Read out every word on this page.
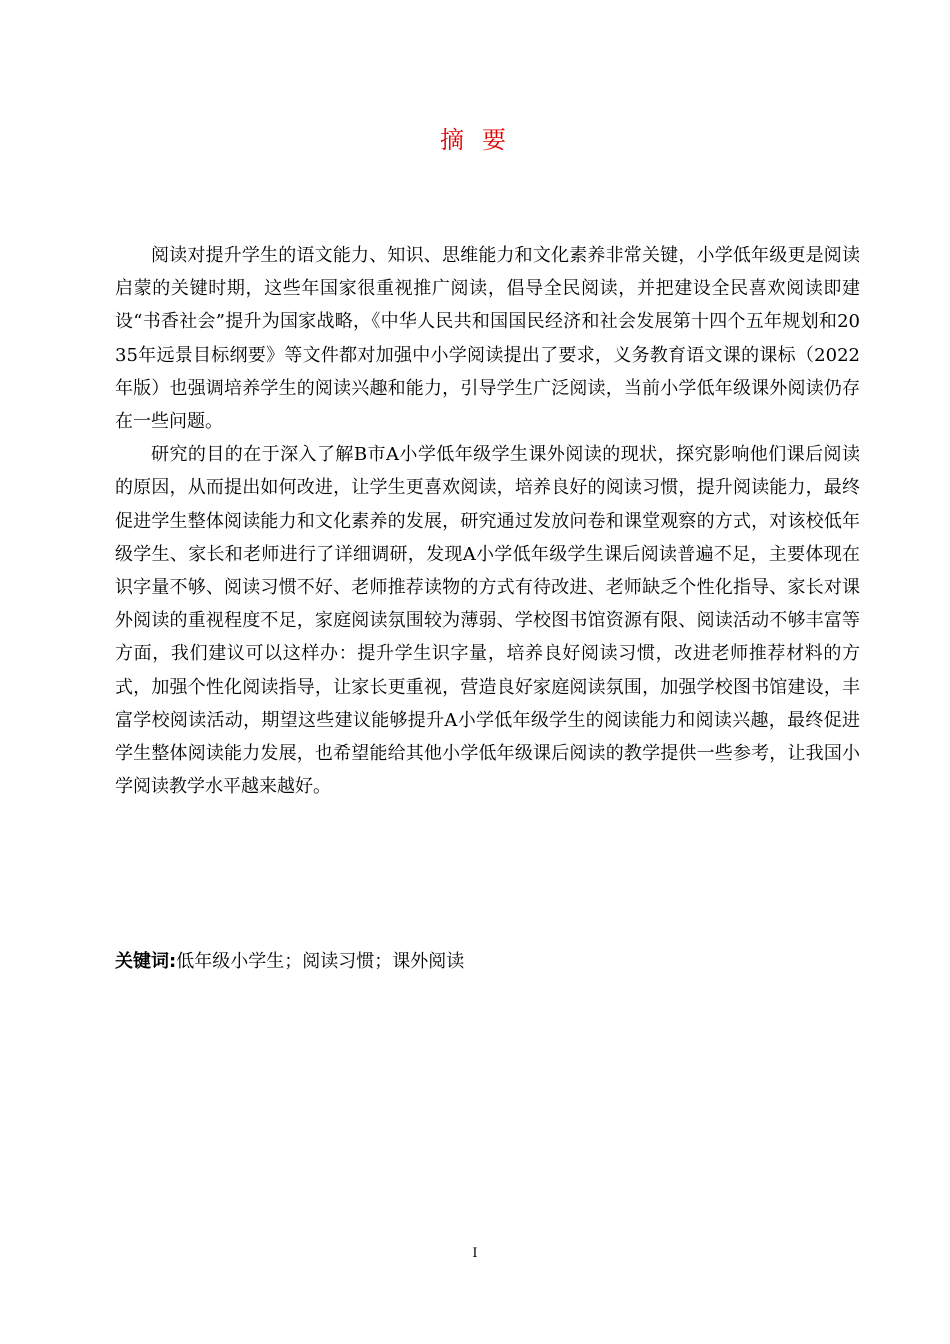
摘 要

阅读对提升学生的语文能力、知识、思维能力和文化素养非常关键，小学低年级更是阅读启蒙的关键时期，这些年国家很重视推广阅读，倡导全民阅读，并把建设全民喜欢阅读即建设“书香社会”提升为国家战略，《中华人民共和国国民经济和社会发展第十四个五年规划和2035年远景目标纲要》等文件都对加强中小学阅读提出了要求，义务教育语文课的课标（2022年版）也强调培养学生的阅读兴趣和能力，引导学生广泛阅读，当前小学低年级课外阅读仍存在一些问题。

研究的目的在于深入了解B市A小学低年级学生课外阅读的现状，探究影响他们课后阅读的原因，从而提出如何改进，让学生更喜欢阅读，培养良好的阅读习惯，提升阅读能力，最终促进学生整体阅读能力和文化素养的发展，研究通过发放问卷和课堂观察的方式，对该校低年级学生、家长和老师进行了详细调研，发现A小学低年级学生课后阅读普遍不足，主要体现在识字量不够、阅读习惯不好、老师推荐读物的方式有待改进、老师缺乏个性化指导、家长对课外阅读的重视程度不足，家庭阅读氛围较为薄弱、学校图书馆资源有限、阅读活动不够丰富等方面，我们建议可以这样办：提升学生识字量，培养良好阅读习惯，改进老师推荐材料的方式，加强个性化阅读指导，让家长更重视，营造良好家庭阅读氛围，加强学校图书馆建设，丰富学校阅读活动，期望这些建议能够提升A小学低年级学生的阅读能力和阅读兴趣，最终促进学生整体阅读能力发展，也希望能给其他小学低年级课后阅读的教学提供一些参考，让我国小学阅读教学水平越来越好。

关键词:低年级小学生；阅读习惯；课外阅读
I
